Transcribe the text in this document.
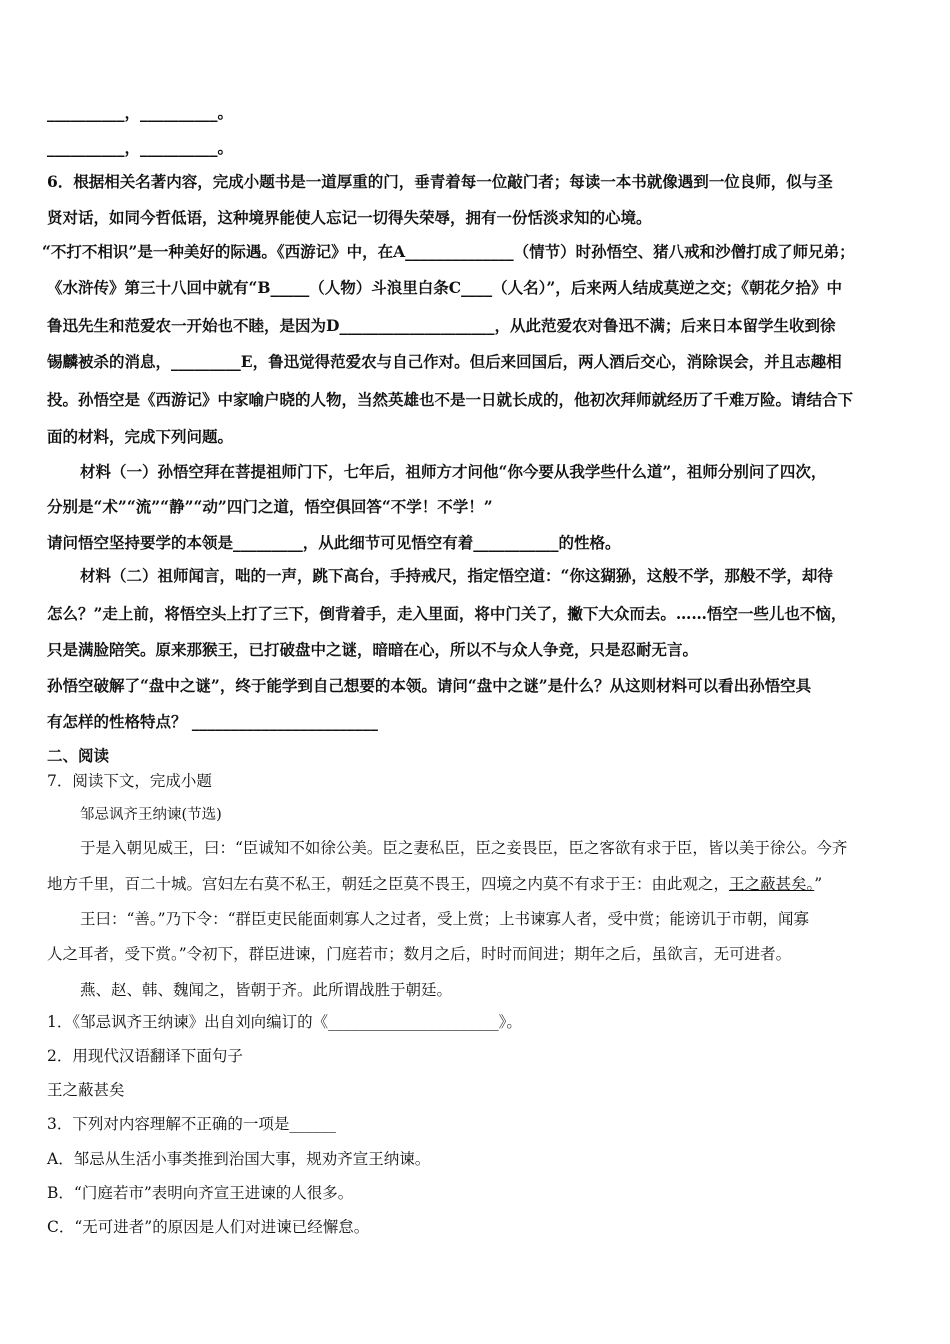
__________，__________。
__________，__________。
6．根据相关名著内容，完成小题书是一道厚重的门，垂青着每一位敲门者；每读一本书就像遇到一位良师，似与圣
贤对话，如同今哲低语，这种境界能使人忘记一切得失荣辱，拥有一份恬淡求知的心境。
“不打不相识”是一种美好的际遇。《西游记》中，在A______________（情节）时孙悟空、猪八戒和沙僧打成了师兄弟；
《水浒传》第三十八回中就有“B_____（人物）斗浪里白条C____（人名）”，后来两人结成莫逆之交；《朝花夕拾》中
鲁迅先生和范爱农一开始也不睦，是因为D____________________，从此范爱农对鲁迅不满；后来日本留学生收到徐
锡麟被杀的消息，_________E，鲁迅觉得范爱农与自己作对。但后来回国后，两人酒后交心，消除误会，并且志趣相
投。孙悟空是《西游记》中家喻户晓的人物，当然英雄也不是一日就长成的，他初次拜师就经历了千难万险。请结合下
面的材料，完成下列问题。
材料（一）孙悟空拜在菩提祖师门下，七年后，祖师方才问他“你今要从我学些什么道”，祖师分别问了四次，
分别是“术”“流”“静”“动”四门之道，悟空俱回答“不学！不学！”
请问悟空坚持要学的本领是_________，从此细节可见悟空有着___________的性格。
材料（二）祖师闻言，咄的一声，跳下高台，手持戒尺，指定悟空道：“你这猢狲，这般不学，那般不学，却待
怎么？”走上前，将悟空头上打了三下，倒背着手，走入里面，将中门关了，撇下大众而去。……悟空一些儿也不恼，
只是满脸陪笑。原来那猴王，已打破盘中之谜，暗暗在心，所以不与众人争竞，只是忍耐无言。
孙悟空破解了“盘中之谜”，终于能学到自己想要的本领。请问“盘中之谜”是什么？从这则材料可以看出孙悟空具
有怎样的性格特点？ ________________________
二、阅读
7．阅读下文，完成小题
邹忌讽齐王纳谏(节选)
于是入朝见威王，曰：“臣诚知不如徐公美。臣之妻私臣，臣之妾畏臣，臣之客欲有求于臣，皆以美于徐公。今齐
地方千里，百二十城。宫妇左右莫不私王，朝廷之臣莫不畏王，四境之内莫不有求于王：由此观之，王之蔽甚矣。”
王曰：“善。”乃下令：“群臣吏民能面刺寡人之过者，受上赏；上书谏寡人者，受中赏；能谤讥于市朝，闻寡
人之耳者，受下赏。”令初下，群臣进谏，门庭若市；数月之后，时时而间进；期年之后，虽欲言，无可进者。
燕、赵、韩、魏闻之，皆朝于齐。此所谓战胜于朝廷。
1．《邹忌讽齐王纳谏》出自刘向编订的《______________________》。
2．用现代汉语翻译下面句子
王之蔽甚矣
3．下列对内容理解不正确的一项是______
A．邹忌从生活小事类推到治国大事，规劝齐宣王纳谏。
B．“门庭若市”表明向齐宣王进谏的人很多。
C．“无可进者”的原因是人们对进谏已经懈怠。
